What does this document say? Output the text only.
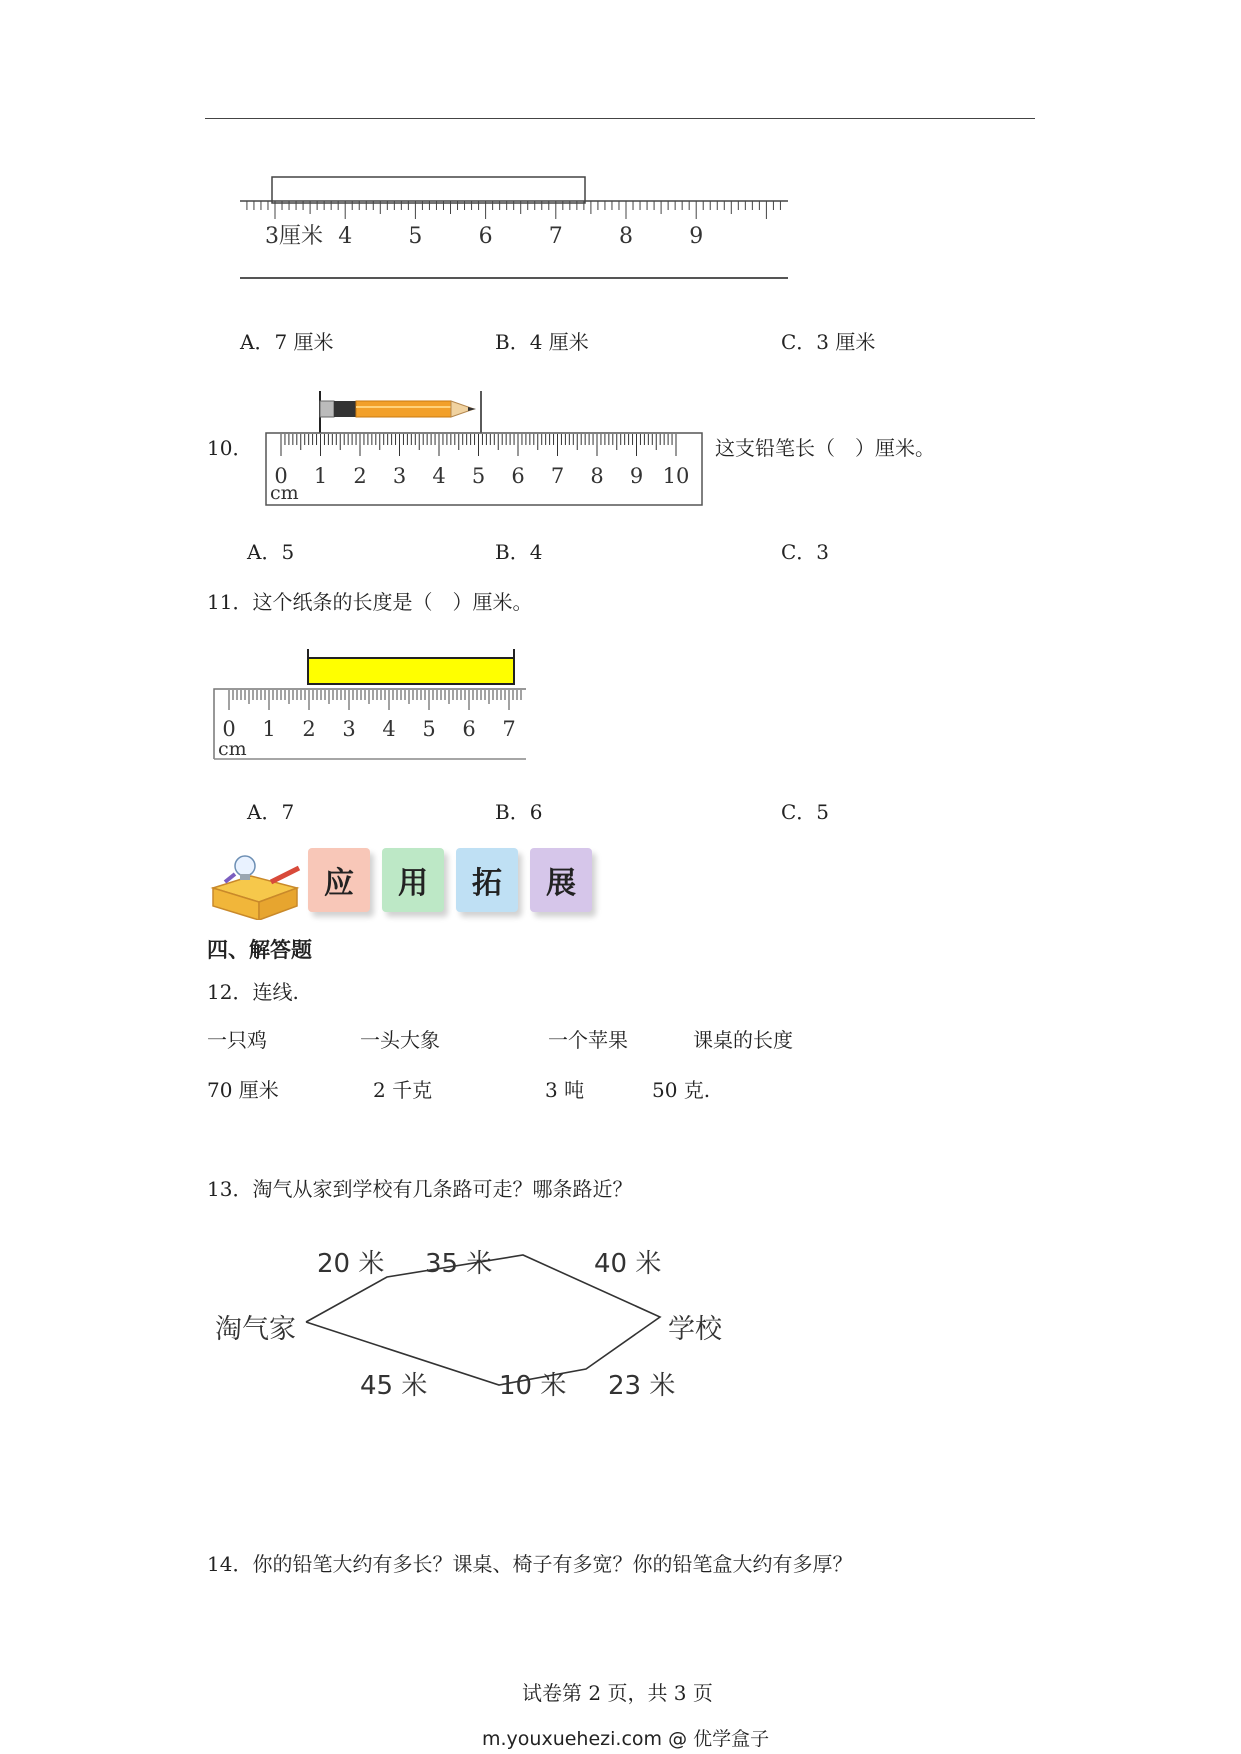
3厘米 4	5	6	7	8	9
A．7 厘米	B．4 厘米	C．3 厘米
10．
0 1 2 3 4 5 6 7 8 9 10
cm
这支铅笔长（　）厘米。
A．5	B．4	C．3
11．这个纸条的长度是（　）厘米。
0 1 2 3 4 5 6 7
cm
A．7	B．6	C．5
应	用	拓	展
四、解答题
12．连线.
一只鸡	一头大象	一个苹果	课桌的长度
70 厘米	2 千克	3 吨	50 克.
13．淘气从家到学校有几条路可走？哪条路近？
淘气家	学校
20 米 35 米	40 米
45 米	10 米 23 米
14．你的铅笔大约有多长？课桌、椅子有多宽？你的铅笔盒大约有多厚？
试卷第 2 页，共 3 页
m.youxuehezi.com @ 优学盒子
